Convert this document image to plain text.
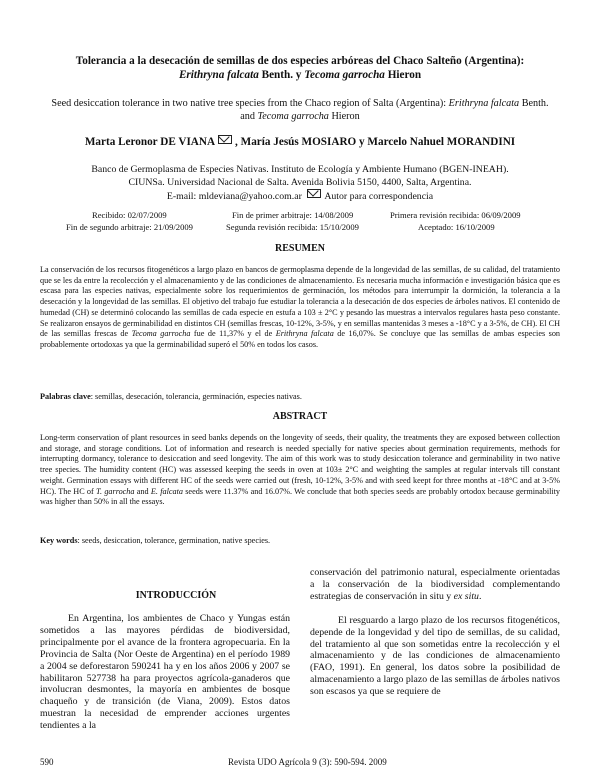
Tolerancia a la desecación de semillas de dos especies arbóreas del Chaco Salteño (Argentina):
Erithryna falcata Benth. y Tecoma garrocha Hieron
Seed desiccation tolerance in two native tree species from the Chaco region of Salta (Argentina): Erithryna falcata Benth. and Tecoma garrocha Hieron
Marta Leronor DE VIANA , María Jesús MOSIARO y Marcelo Nahuel MORANDINI
Banco de Germoplasma de Especies Nativas. Instituto de Ecología y Ambiente Humano (BGEN-INEAH).
CIUNSa. Universidad Nacional de Salta. Avenida Bolivia 5150, 4400, Salta, Argentina.
E-mail: mldeviana@yahoo.com.ar Autor para correspondencia
Recibido: 02/07/2009	Fin de primer arbitraje: 14/08/2009	Primera revisión recibida: 06/09/2009
Fin de segundo arbitraje: 21/09/2009	Segunda revisión recibida: 15/10/2009	Aceptado: 16/10/2009
RESUMEN
La conservación de los recursos fitogenéticos a largo plazo en bancos de germoplasma depende de la longevidad de las semillas, de su calidad, del tratamiento que se les da entre la recolección y el almacenamiento y de las condiciones de almacenamiento. Es necesaria mucha información e investigación básica que es escasa para las especies nativas, especialmente sobre los requerimientos de germinación, los métodos para interrumpir la dormición, la tolerancia a la desecación y la longevidad de las semillas. El objetivo del trabajo fue estudiar la tolerancia a la desecación de dos especies de árboles nativos. El contenido de humedad (CH) se determinó colocando las semillas de cada especie en estufa a 103 ± 2°C y pesando las muestras a intervalos regulares hasta peso constante. Se realizaron ensayos de germinabilidad en distintos CH (semillas frescas, 10-12%, 3-5%, y en semillas mantenidas 3 meses a -18°C y a 3-5%, de CH). El CH de las semillas frescas de Tecoma garrocha fue de 11,37% y el de Erithryna falcata de 16,07%. Se concluye que las semillas de ambas especies son probablemente ortodoxas ya que la germinabilidad superó el 50% en todos los casos.
Palabras clave: semillas, desecación, tolerancia, germinación, especies nativas.
ABSTRACT
Long-term conservation of plant resources in seed banks depends on the longevity of seeds, their quality, the treatments they are exposed between collection and storage, and storage conditions. Lot of information and research is needed specially for native species about germination requirements, methods for interrupting dormancy, tolerance to desiccation and seed longevity. The aim of this work was to study desiccation tolerance and germinability in two native tree species. The humidity content (HC) was assessed keeping the seeds in oven at 103± 2°C and weighting the samples at regular intervals till constant weight. Germination essays with different HC of the seeds were carried out (fresh, 10-12%, 3-5% and with seed keept for three months at -18°C and at 3-5% HC). The HC of T. garrocha and E. falcata seeds were 11.37% and 16.07%. We conclude that both species seeds are probably ortodox because germinability was higher than 50% in all the essays.
Key words: seeds, desiccation, tolerance, germination, native species.
INTRODUCCIÓN

En Argentina, los ambientes de Chaco y Yungas están sometidos a las mayores pérdidas de biodiversidad, principalmente por el avance de la frontera agropecuaria. En la Provincia de Salta (Nor Oeste de Argentina) en el período 1989 a 2004 se deforestaron 590241 ha y en los años 2006 y 2007 se habilitaron 527738 ha para proyectos agrícola-ganaderos que involucran desmontes, la mayoría en ambientes de bosque chaqueño y de transición (de Viana, 2009). Estos datos muestran la necesidad de emprender acciones urgentes tendientes a la

conservación del patrimonio natural, especialmente orientadas a la conservación de la biodiversidad complementando estrategias de conservación in situ y ex situ.

El resguardo a largo plazo de los recursos fitogenéticos, depende de la longevidad y del tipo de semillas, de su calidad, del tratamiento al que son sometidas entre la recolección y el almacenamiento y de las condiciones de almacenamiento (FAO, 1991). En general, los datos sobre la posibilidad de almacenamiento a largo plazo de las semillas de árboles nativos son escasos ya que se requiere de

590	Revista UDO Agrícola 9 (3): 590-594. 2009
